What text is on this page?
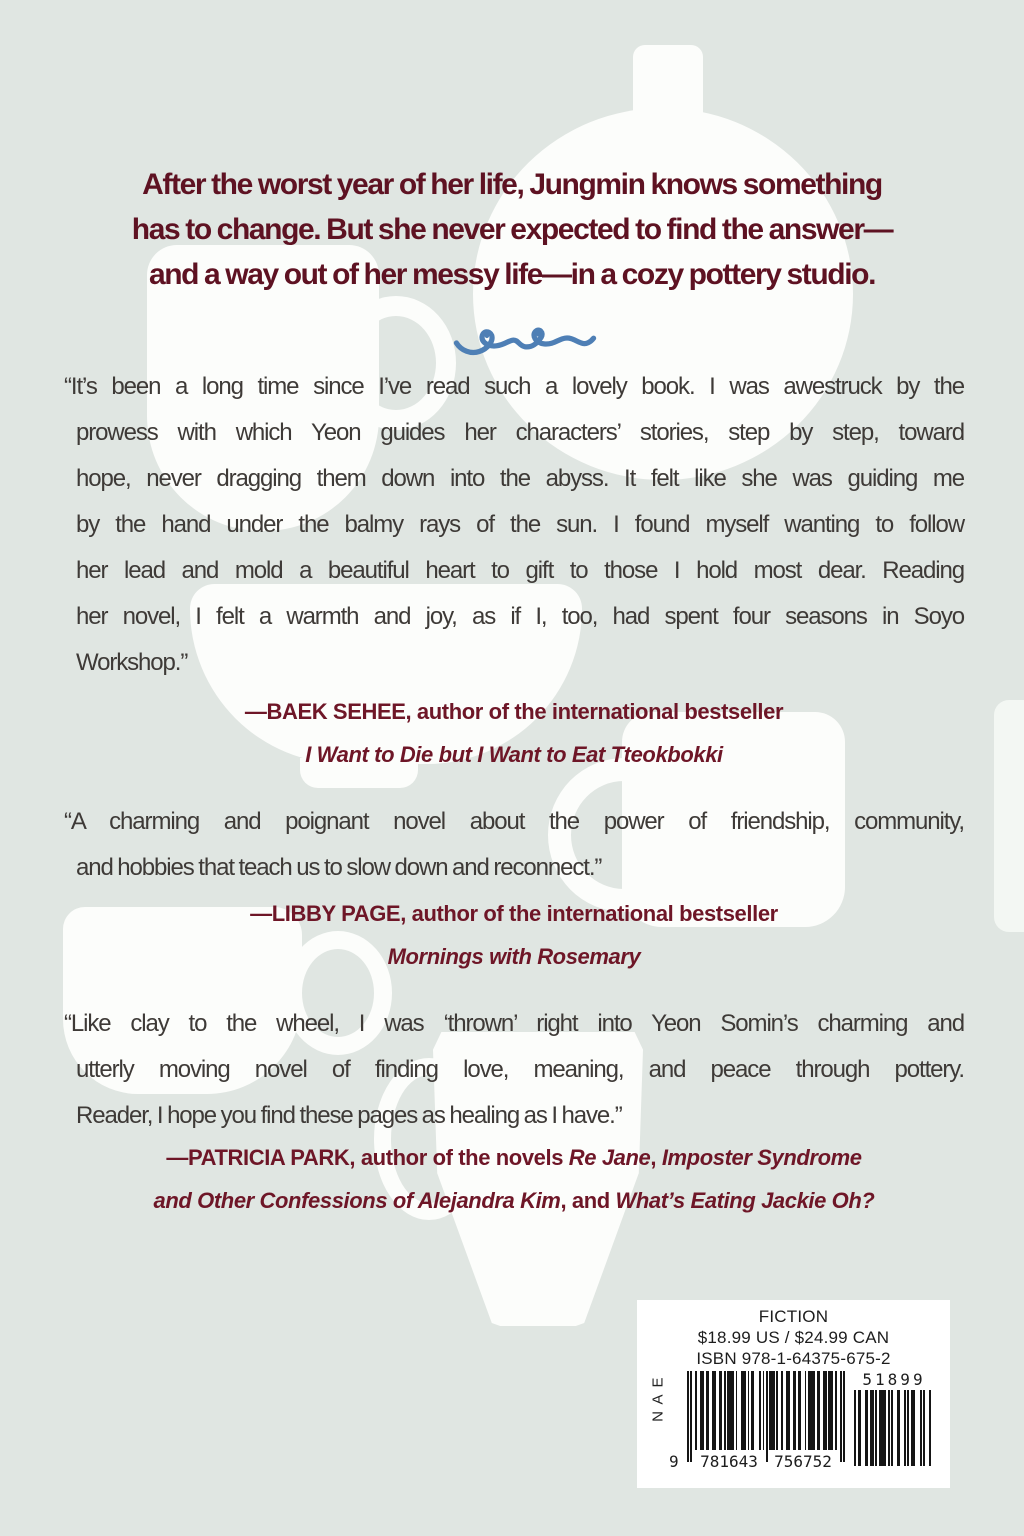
After the worst year of her life, Jungmin knows something
has to change. But she never expected to find the answer—
and a way out of her messy life—in a cozy pottery studio.
“It’s been a long time since I’ve read such a lovely book. I was awestruck by the
prowess with which Yeon guides her characters’ stories, step by step, toward
hope, never dragging them down into the abyss. It felt like she was guiding me
by the hand under the balmy rays of the sun. I found myself wanting to follow
her lead and mold a beautiful heart to gift to those I hold most dear. Reading
her novel, I felt a warmth and joy, as if I, too, had spent four seasons in Soyo
Workshop.”
—BAEK SEHEE, author of the international bestseller
I Want to Die but I Want to Eat Tteokbokki
“A charming and poignant novel about the power of friendship, community,
and hobbies that teach us to slow down and reconnect.”
—LIBBY PAGE, author of the international bestseller
Mornings with Rosemary
“Like clay to the wheel, I was ‘thrown’ right into Yeon Somin’s charming and
utterly moving novel of finding love, meaning, and peace through pottery.
Reader, I hope you find these pages as healing as I have.”
—PATRICIA PARK, author of the novels Re Jane, Imposter Syndrome
and Other Confessions of Alejandra Kim, and What’s Eating Jackie Oh?
FICTION
$18.99 US / $24.99 CAN
ISBN 978-1-64375-675-2
E
A
N
9	781643	756752
51899
